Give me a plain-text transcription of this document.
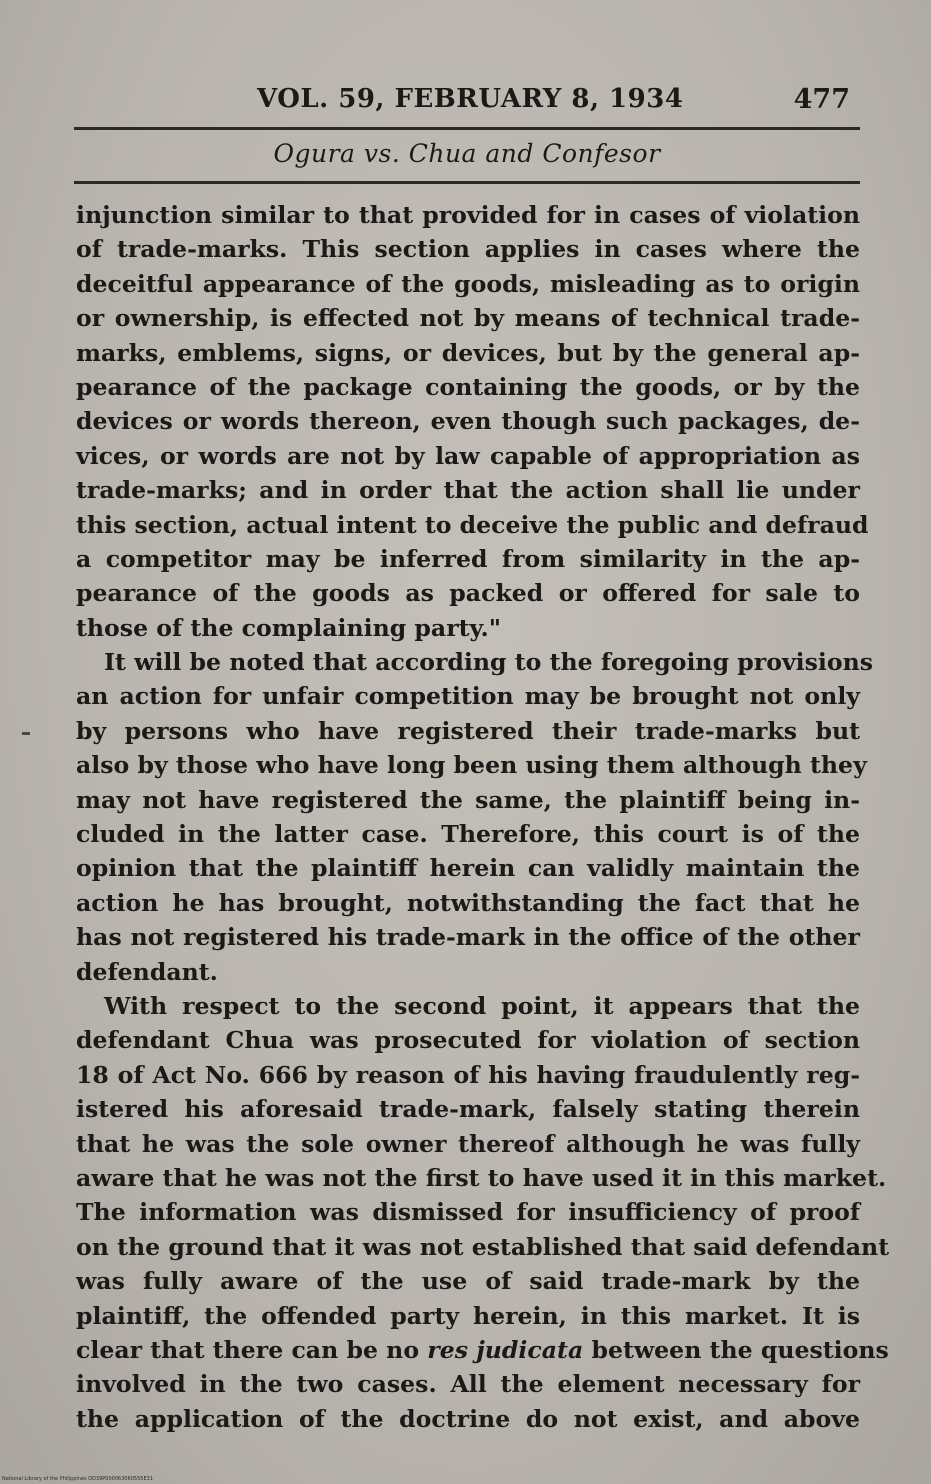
VOL. 59, FEBRUARY 8, 1934	477
Ogura vs. Chua and Confesor
injunction similar to that provided for in cases of violation
of trade-marks. This section applies in cases where the
deceitful appearance of the goods, misleading as to origin
or ownership, is effected not by means of technical trade-
marks, emblems, signs, or devices, but by the general ap-
pearance of the package containing the goods, or by the
devices or words thereon, even though such packages, de-
vices, or words are not by law capable of appropriation as
trade-marks; and in order that the action shall lie under
this section, actual intent to deceive the public and defraud
a competitor may be inferred from similarity in the ap-
pearance of the goods as packed or offered for sale to
those of the complaining party."
It will be noted that according to the foregoing provisions
an action for unfair competition may be brought not only
by persons who have registered their trade-marks but
also by those who have long been using them although they
may not have registered the same, the plaintiff being in-
cluded in the latter case. Therefore, this court is of the
opinion that the plaintiff herein can validly maintain the
action he has brought, notwithstanding the fact that he
has not registered his trade-mark in the office of the other
defendant.
With respect to the second point, it appears that the
defendant Chua was prosecuted for violation of section
18 of Act No. 666 by reason of his having fraudulently reg-
istered his aforesaid trade-mark, falsely stating therein
that he was the sole owner thereof although he was fully
aware that he was not the first to have used it in this market.
The information was dismissed for insufficiency of proof
on the ground that it was not established that said defendant
was fully aware of the use of said trade-mark by the
plaintiff, the offended party herein, in this market. It is
clear that there can be no res judicata between the questions
involved in the two cases. All the element necessary for
the application of the doctrine do not exist, and above
National Library of the Philippines DD39P000063060555E31
